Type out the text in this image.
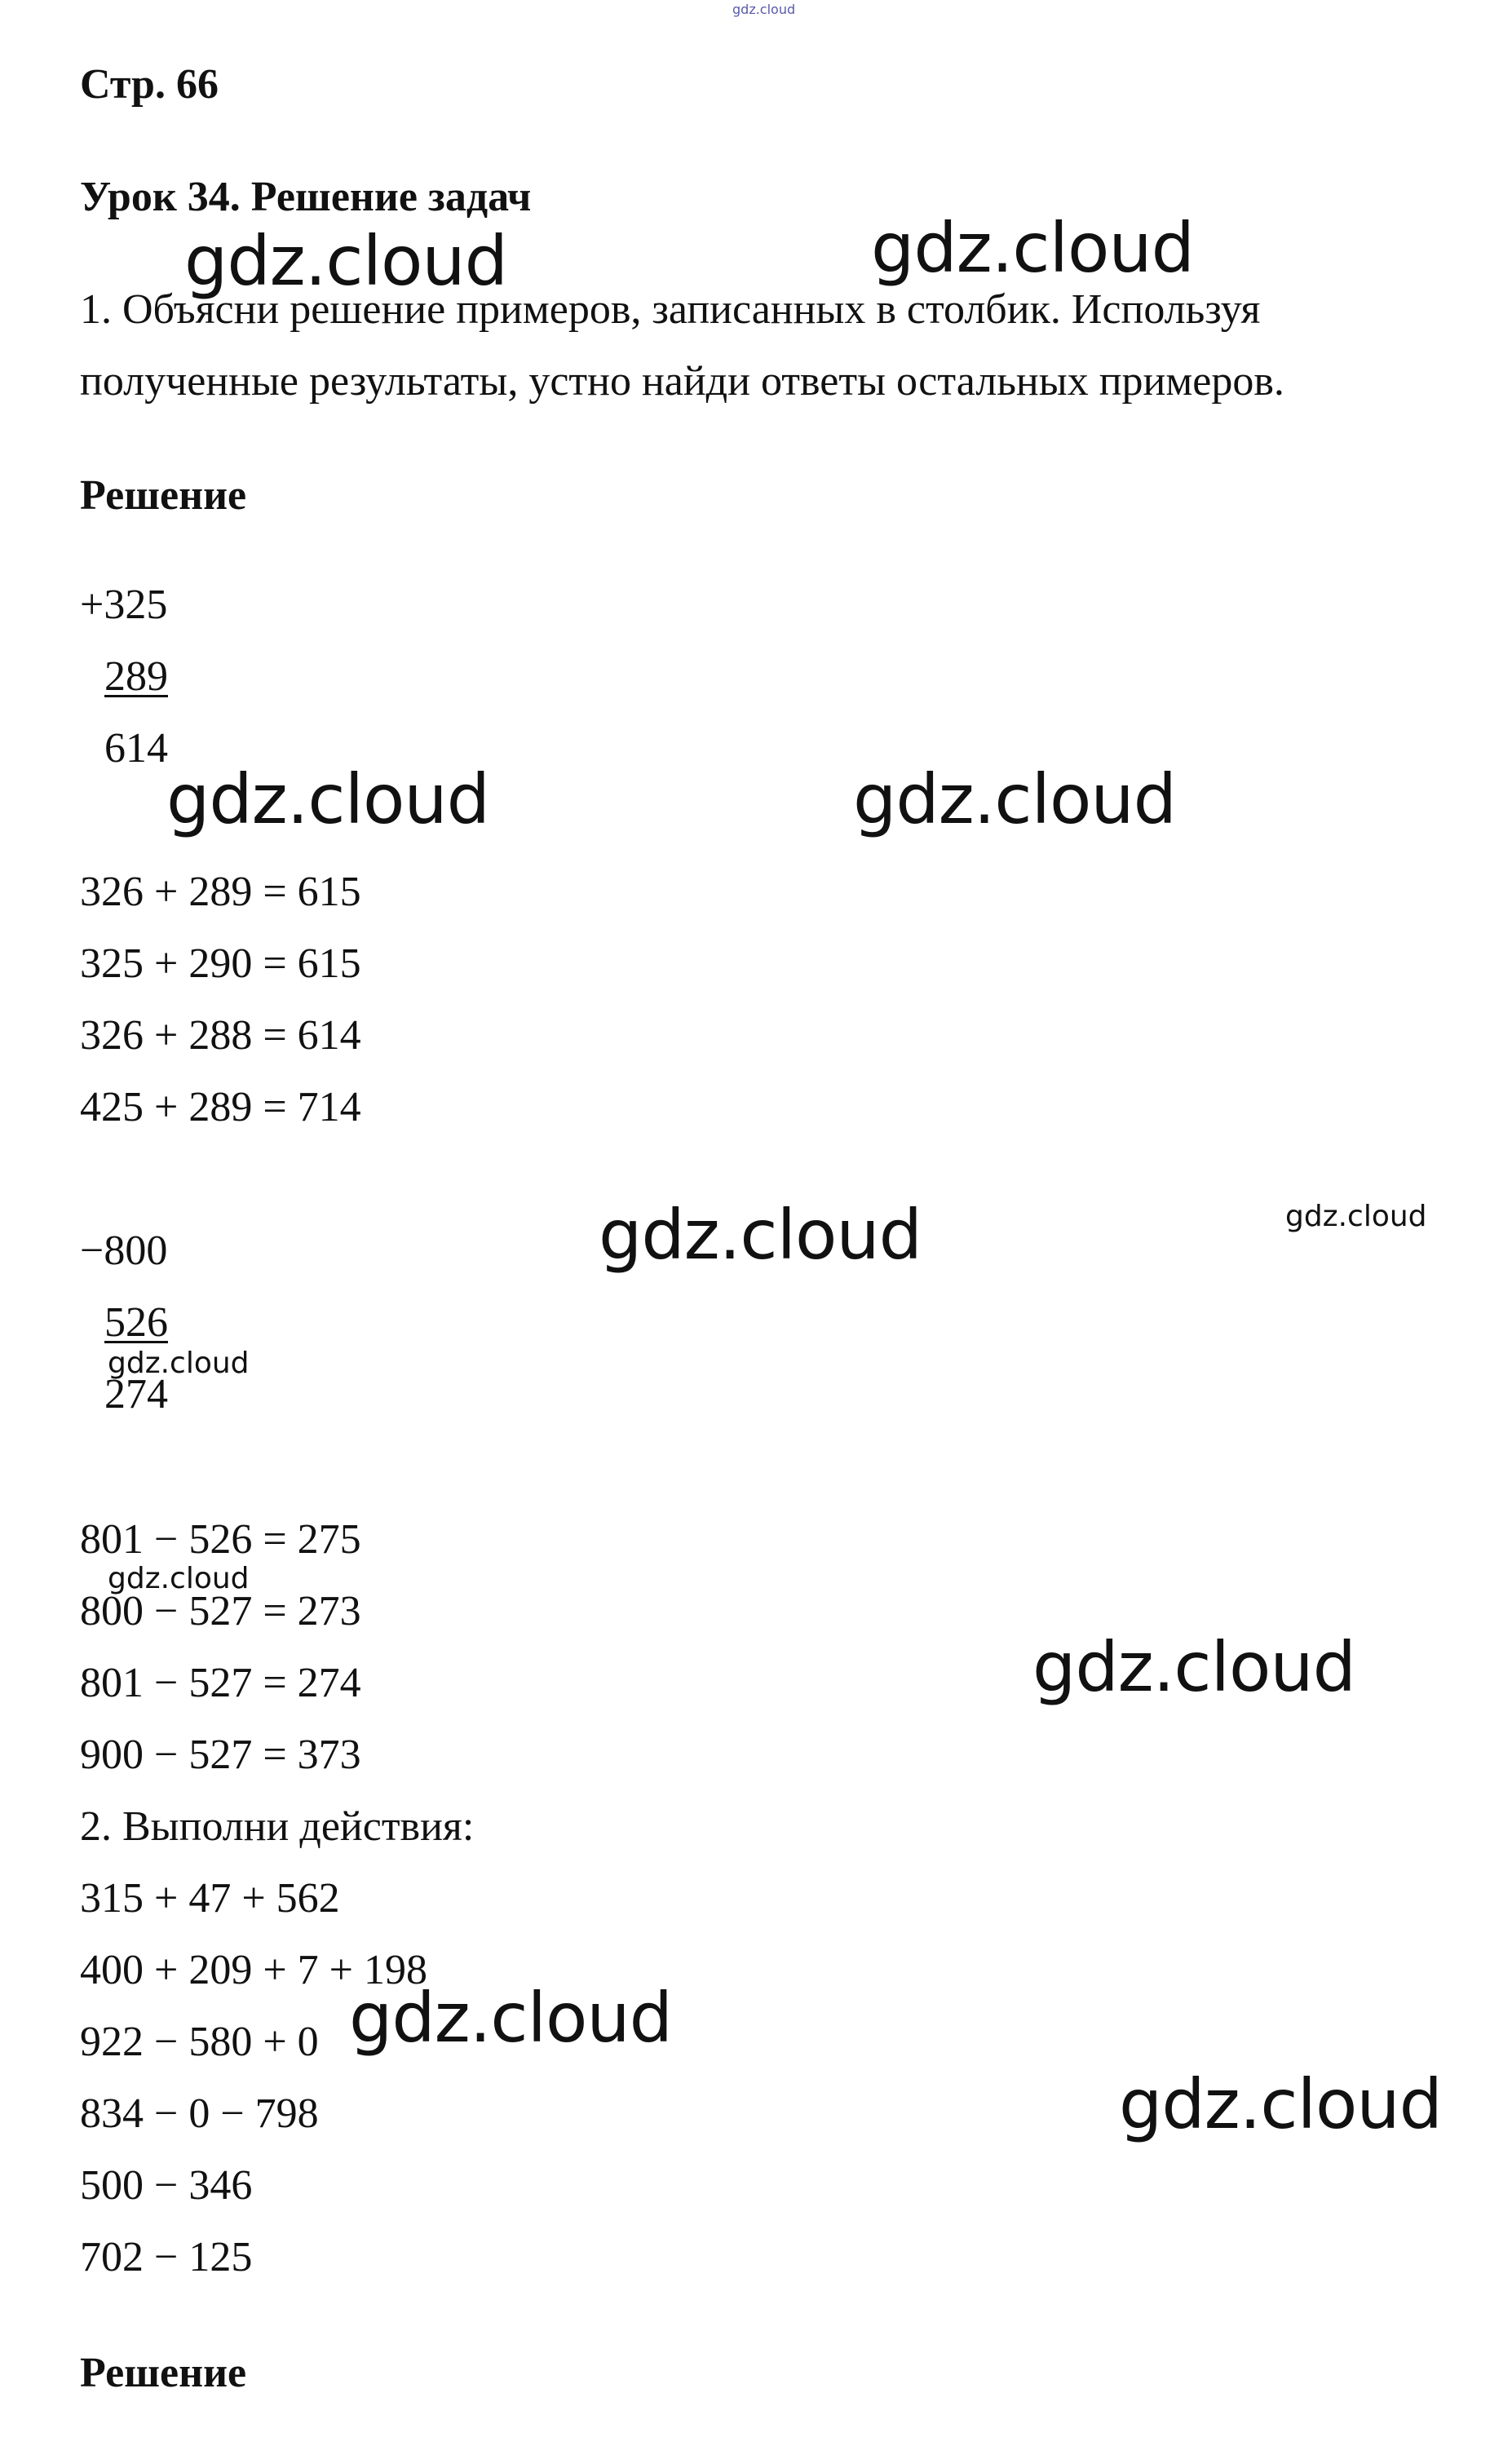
gdz.cloud
Стр. 66
Урок 34. Решение задач
1. Объясни решение примеров, записанных в столбик. Используя
полученные результаты, устно найди ответы остальных примеров.
Решение
+325
289
614
326 + 289 = 615
325 + 290 = 615
326 + 288 = 614
425 + 289 = 714
−800
526
274
801 − 526 = 275
800 − 527 = 273
801 − 527 = 274
900 − 527 = 373
2. Выполни действия:
315 + 47 + 562
400 + 209 + 7 + 198
922 − 580 + 0
834 − 0 − 798
500 − 346
702 − 125
Решение
gdz.cloud	gdz.cloud
gdz.cloud	gdz.cloud
gdz.cloud
gdz.cloud
gdz.cloud
gdz.cloud
gdz.cloud
gdz.cloud
gdz.cloud
